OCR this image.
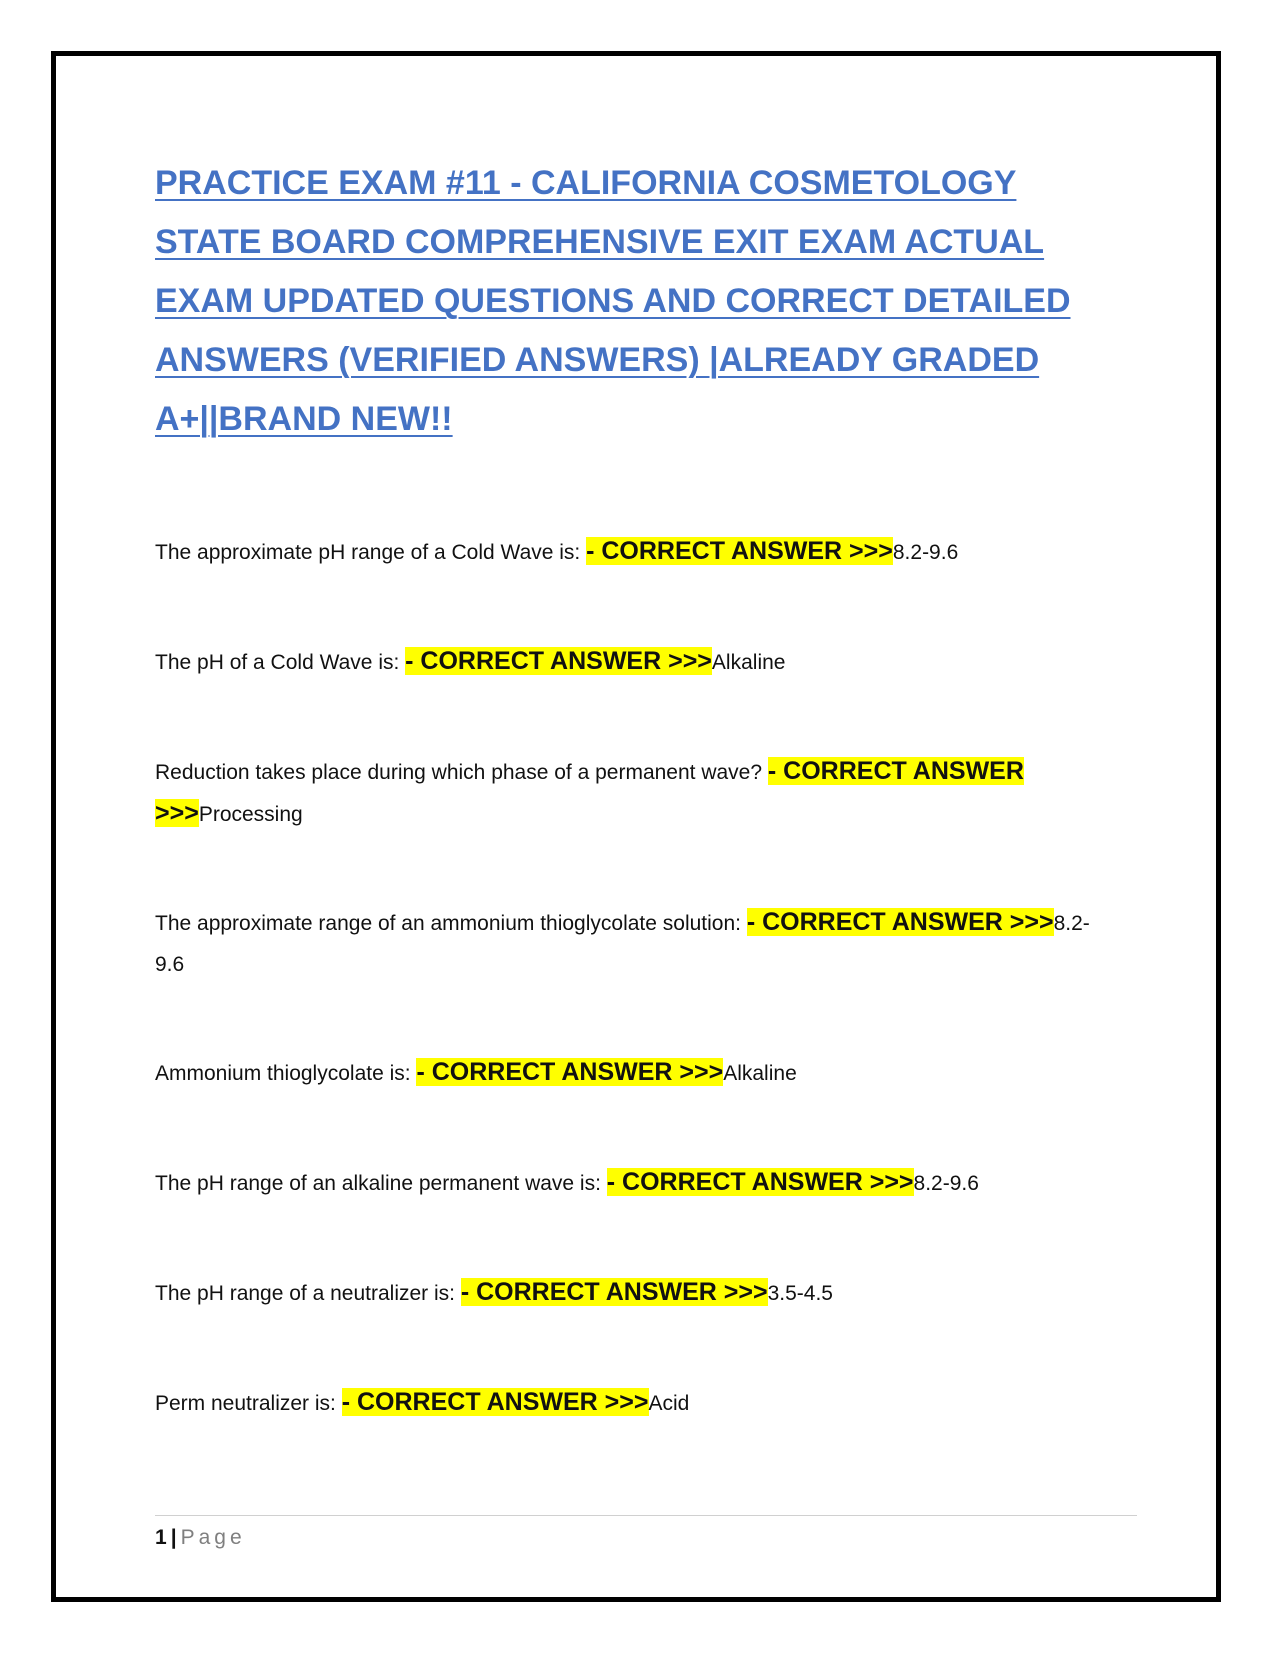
PRACTICE EXAM #11 - CALIFORNIA COSMETOLOGY STATE BOARD COMPREHENSIVE EXIT EXAM ACTUAL EXAM UPDATED QUESTIONS AND CORRECT DETAILED ANSWERS (VERIFIED ANSWERS) |ALREADY GRADED A+||BRAND NEW!!
The approximate pH range of a Cold Wave is: - CORRECT ANSWER >>>8.2-9.6
The pH of a Cold Wave is: - CORRECT ANSWER >>>Alkaline
Reduction takes place during which phase of a permanent wave? - CORRECT ANSWER >>>Processing
The approximate range of an ammonium thioglycolate solution: - CORRECT ANSWER >>>8.2-9.6
Ammonium thioglycolate is: - CORRECT ANSWER >>>Alkaline
The pH range of an alkaline permanent wave is: - CORRECT ANSWER >>>8.2-9.6
The pH range of a neutralizer is: - CORRECT ANSWER >>>3.5-4.5
Perm neutralizer is: - CORRECT ANSWER >>>Acid
1 | Page
